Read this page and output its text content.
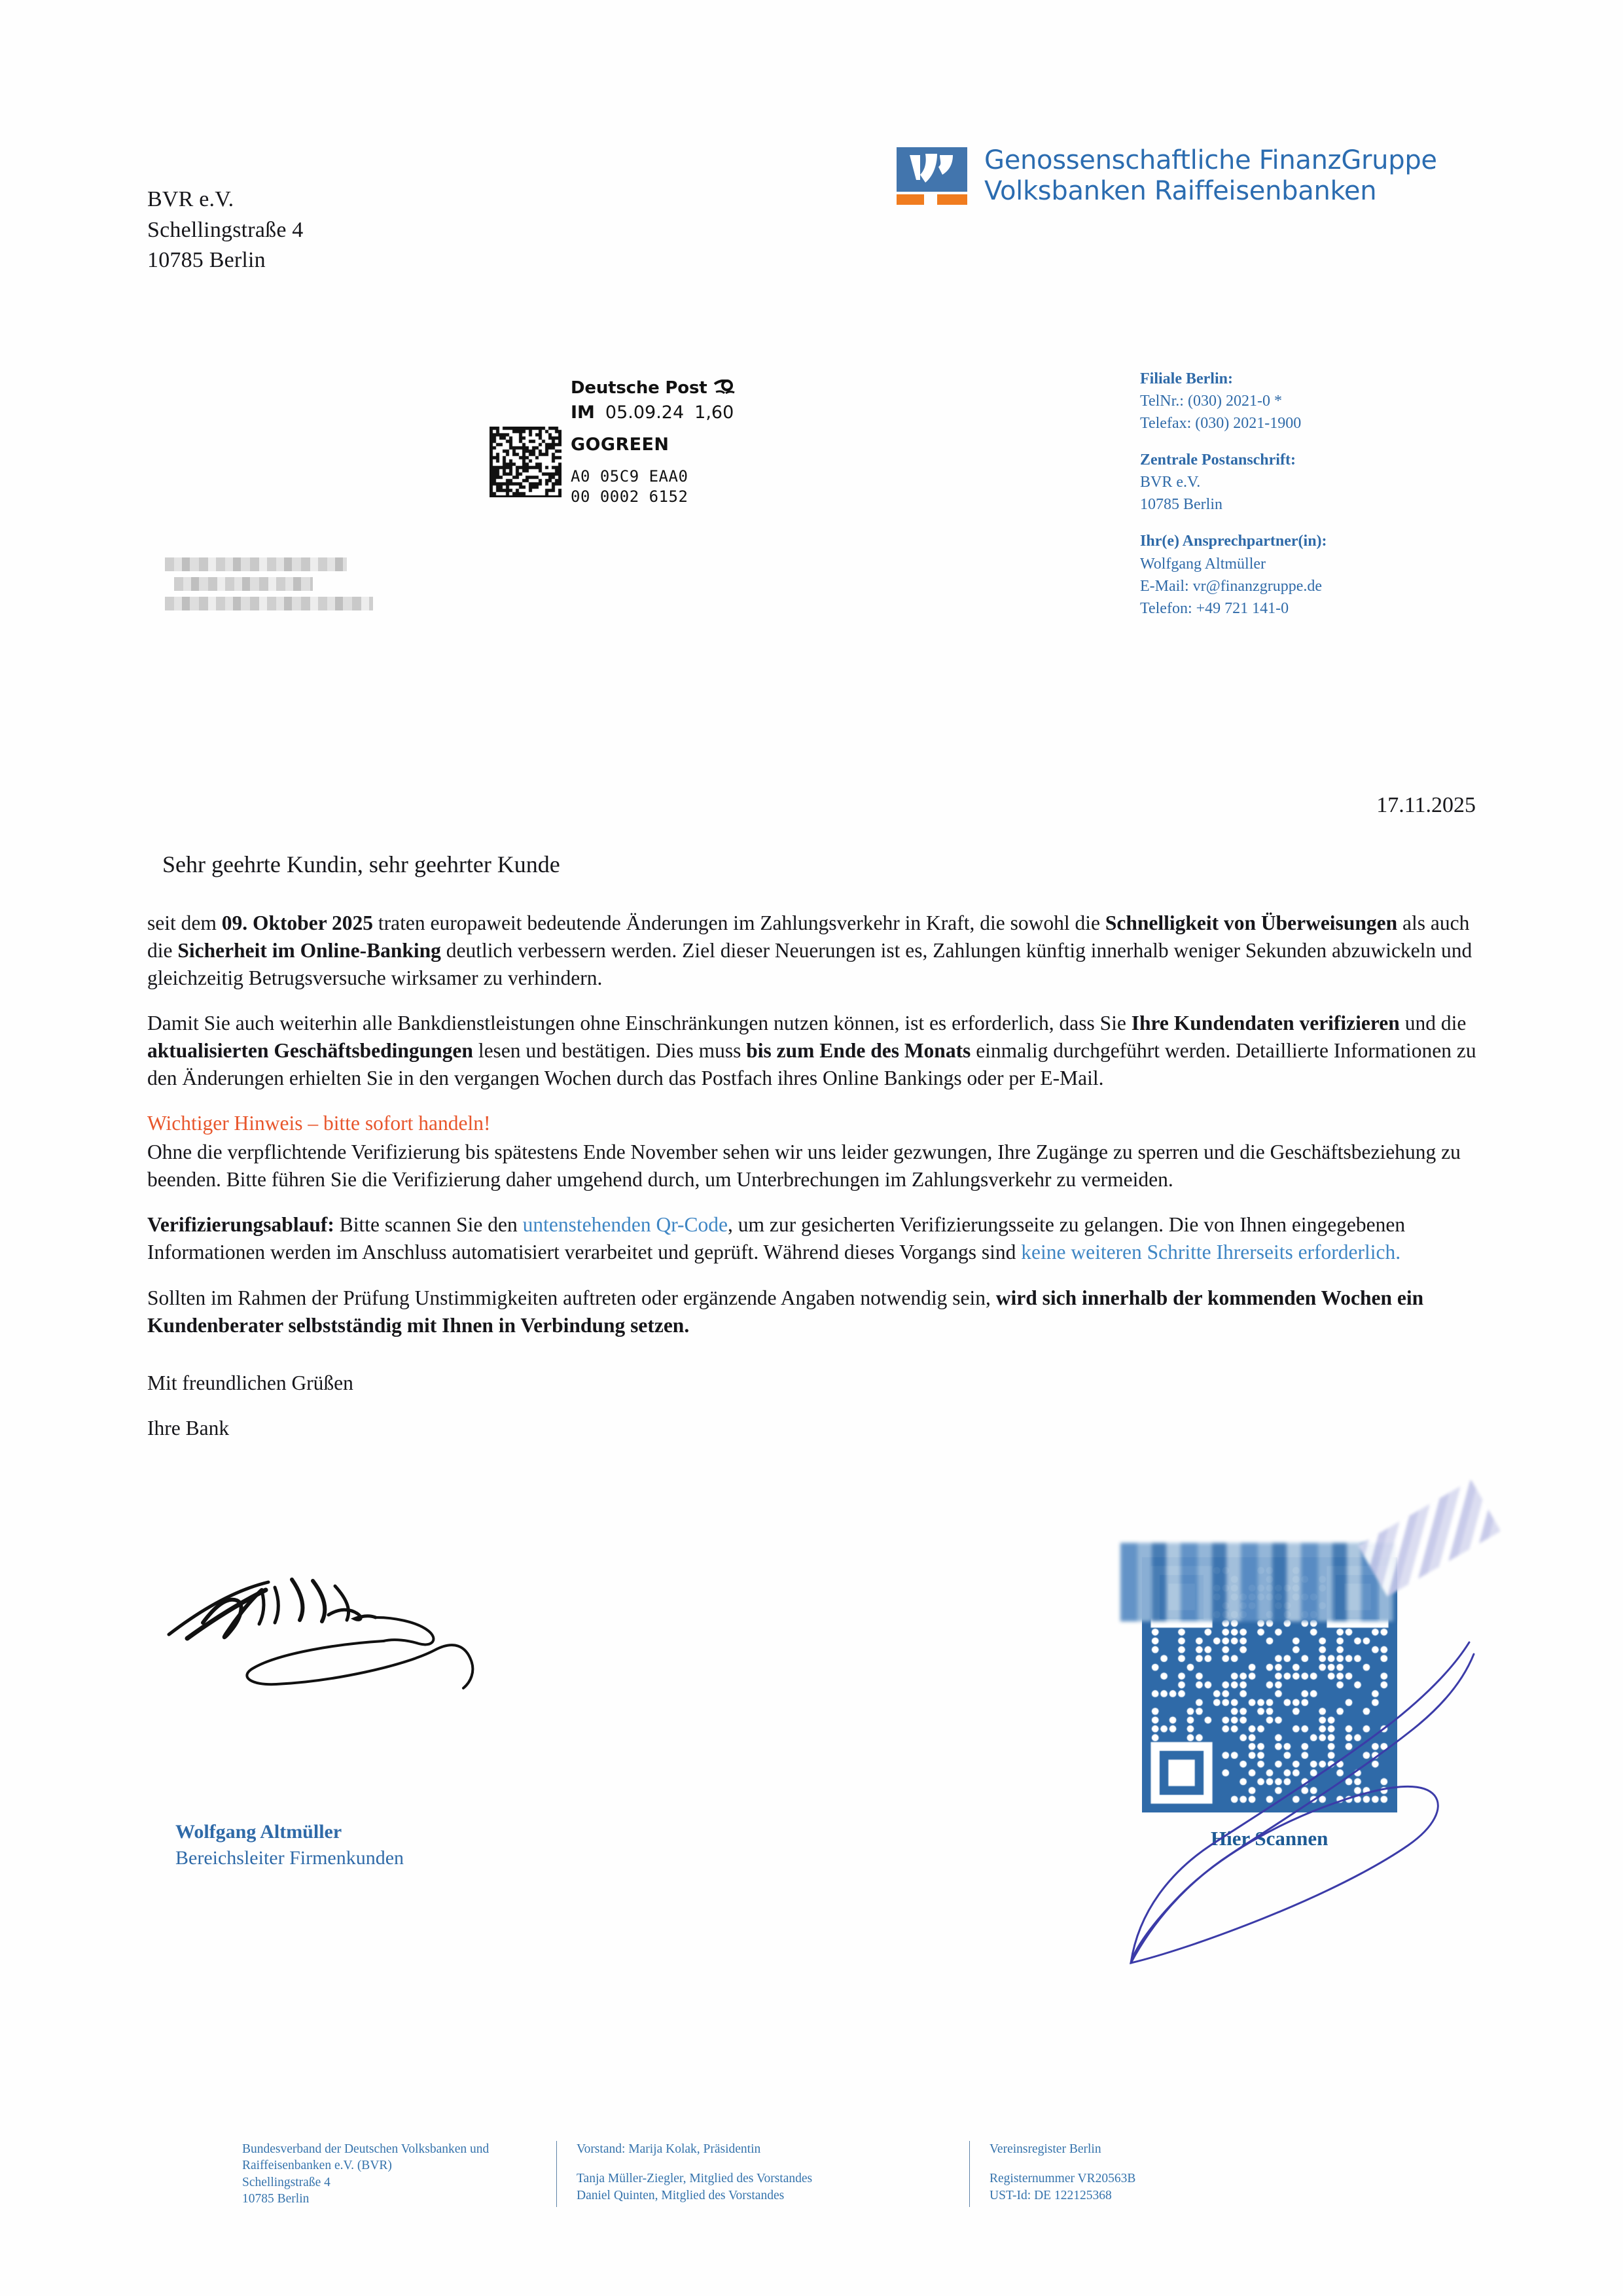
BVR e.V.
Schellingstraße 4
10785 Berlin
Genossenschaftliche FinanzGruppe
Volksbanken Raiffeisenbanken
Deutsche Post
IM 05.09.24 1,60
GOGREEN
A0 05C9 EAA0
00 0002 6152
Filiale Berlin:
TelNr.: (030) 2021-0 *
Telefax: (030) 2021-1900
Zentrale Postanschrift:
BVR e.V.
10785 Berlin
Ihr(e) Ansprechpartner(in):
Wolfgang Altmüller
E-Mail: vr@finanzgruppe.de
Telefon: +49 721 141-0
17.11.2025
Sehr geehrte Kundin, sehr geehrter Kunde

seit dem 09. Oktober 2025 traten europaweit bedeutende Änderungen im Zahlungsverkehr in Kraft, die sowohl die Schnelligkeit von Überweisungen als auch die Sicherheit im Online-Banking deutlich verbessern werden. Ziel dieser Neuerungen ist es, Zahlungen künftig innerhalb weniger Sekunden abzuwickeln und gleichzeitig Betrugsversuche wirksamer zu verhindern.

Damit Sie auch weiterhin alle Bankdienstleistungen ohne Einschränkungen nutzen können, ist es erforderlich, dass Sie Ihre Kundendaten verifizieren und die aktualisierten Geschäftsbedingungen lesen und bestätigen. Dies muss bis zum Ende des Monats einmalig durchgeführt werden. Detaillierte Informationen zu den Änderungen erhielten Sie in den vergangen Wochen durch das Postfach ihres Online Bankings oder per E-Mail.

Wichtiger Hinweis – bitte sofort handeln!

Ohne die verpflichtende Verifizierung bis spätestens Ende November sehen wir uns leider gezwungen, Ihre Zugänge zu sperren und die Geschäftsbeziehung zu beenden. Bitte führen Sie die Verifizierung daher umgehend durch, um Unterbrechungen im Zahlungsverkehr zu vermeiden.

Verifizierungsablauf: Bitte scannen Sie den untenstehenden Qr-Code, um zur gesicherten Verifizierungsseite zu gelangen. Die von Ihnen eingegebenen Informationen werden im Anschluss automatisiert verarbeitet und geprüft. Während dieses Vorgangs sind keine weiteren Schritte Ihrerseits erforderlich.

Sollten im Rahmen der Prüfung Unstimmigkeiten auftreten oder ergänzende Angaben notwendig sein, wird sich innerhalb der kommenden Wochen ein Kundenberater selbstständig mit Ihnen in Verbindung setzen.

Mit freundlichen Grüßen

Ihre Bank

Wolfgang Altmüller
Bereichsleiter Firmenkunden
Hier Scannen
Bundesverband der Deutschen Volksbanken und
Raiffeisenbanken e.V. (BVR)
Schellingstraße 4
10785 Berlin
Vorstand: Marija Kolak, Präsidentin
Tanja Müller-Ziegler, Mitglied des Vorstandes
Daniel Quinten, Mitglied des Vorstandes
Vereinsregister Berlin
Registernummer VR20563B
UST-Id: DE 122125368
